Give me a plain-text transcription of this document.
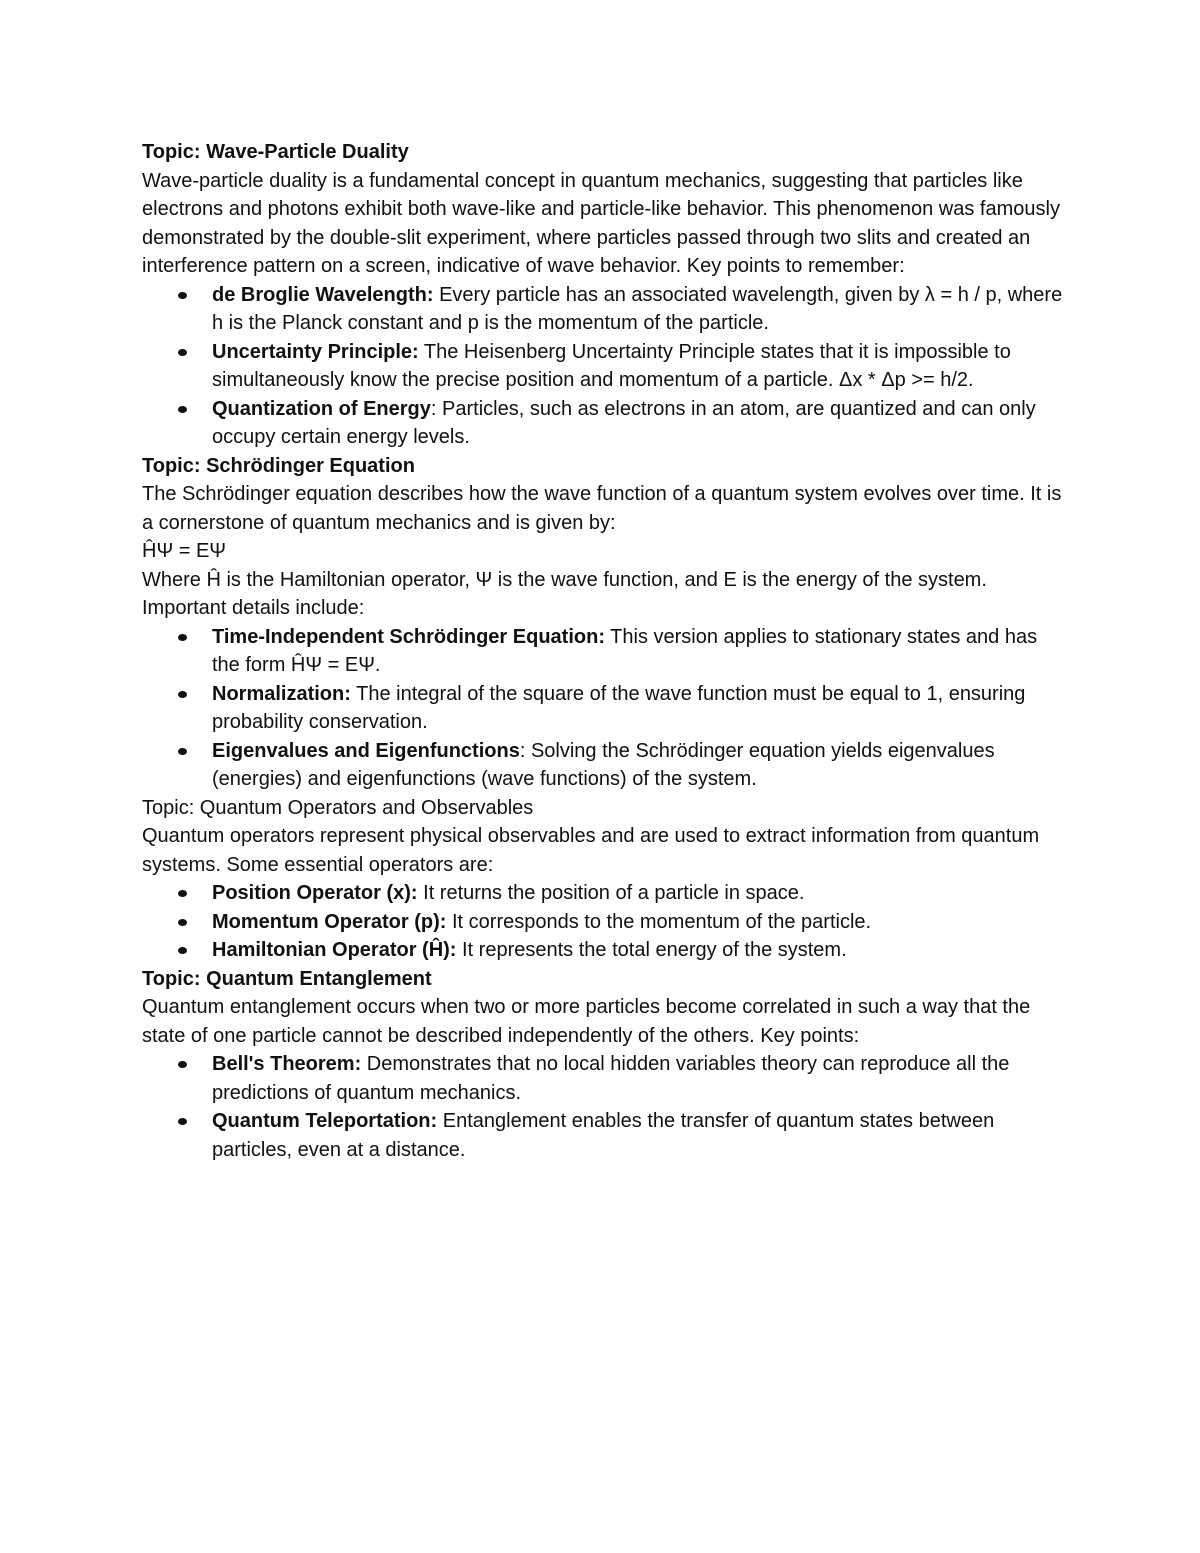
Topic: Wave-Particle Duality

Wave-particle duality is a fundamental concept in quantum mechanics, suggesting that particles like electrons and photons exhibit both wave-like and particle-like behavior. This phenomenon was famously demonstrated by the double-slit experiment, where particles passed through two slits and created an interference pattern on a screen, indicative of wave behavior. Key points to remember:

de Broglie Wavelength: Every particle has an associated wavelength, given by λ = h / p, where h is the Planck constant and p is the momentum of the particle.
Uncertainty Principle: The Heisenberg Uncertainty Principle states that it is impossible to simultaneously know the precise position and momentum of a particle. Δx * Δp >= h/2.
Quantization of Energy: Particles, such as electrons in an atom, are quantized and can only occupy certain energy levels.

Topic: Schrödinger Equation

The Schrödinger equation describes how the wave function of a quantum system evolves over time. It is a cornerstone of quantum mechanics and is given by:

ĤΨ = EΨ

Where Ĥ is the Hamiltonian operator, Ψ is the wave function, and E is the energy of the system. Important details include:

Time-Independent Schrödinger Equation: This version applies to stationary states and has the form ĤΨ = EΨ.
Normalization: The integral of the square of the wave function must be equal to 1, ensuring probability conservation.
Eigenvalues and Eigenfunctions: Solving the Schrödinger equation yields eigenvalues (energies) and eigenfunctions (wave functions) of the system.

Topic: Quantum Operators and Observables

Quantum operators represent physical observables and are used to extract information from quantum systems. Some essential operators are:

Position Operator (x): It returns the position of a particle in space.
Momentum Operator (p): It corresponds to the momentum of the particle.
Hamiltonian Operator (Ĥ): It represents the total energy of the system.

Topic: Quantum Entanglement

Quantum entanglement occurs when two or more particles become correlated in such a way that the state of one particle cannot be described independently of the others. Key points:

Bell's Theorem: Demonstrates that no local hidden variables theory can reproduce all the predictions of quantum mechanics.
Quantum Teleportation: Entanglement enables the transfer of quantum states between particles, even at a distance.
